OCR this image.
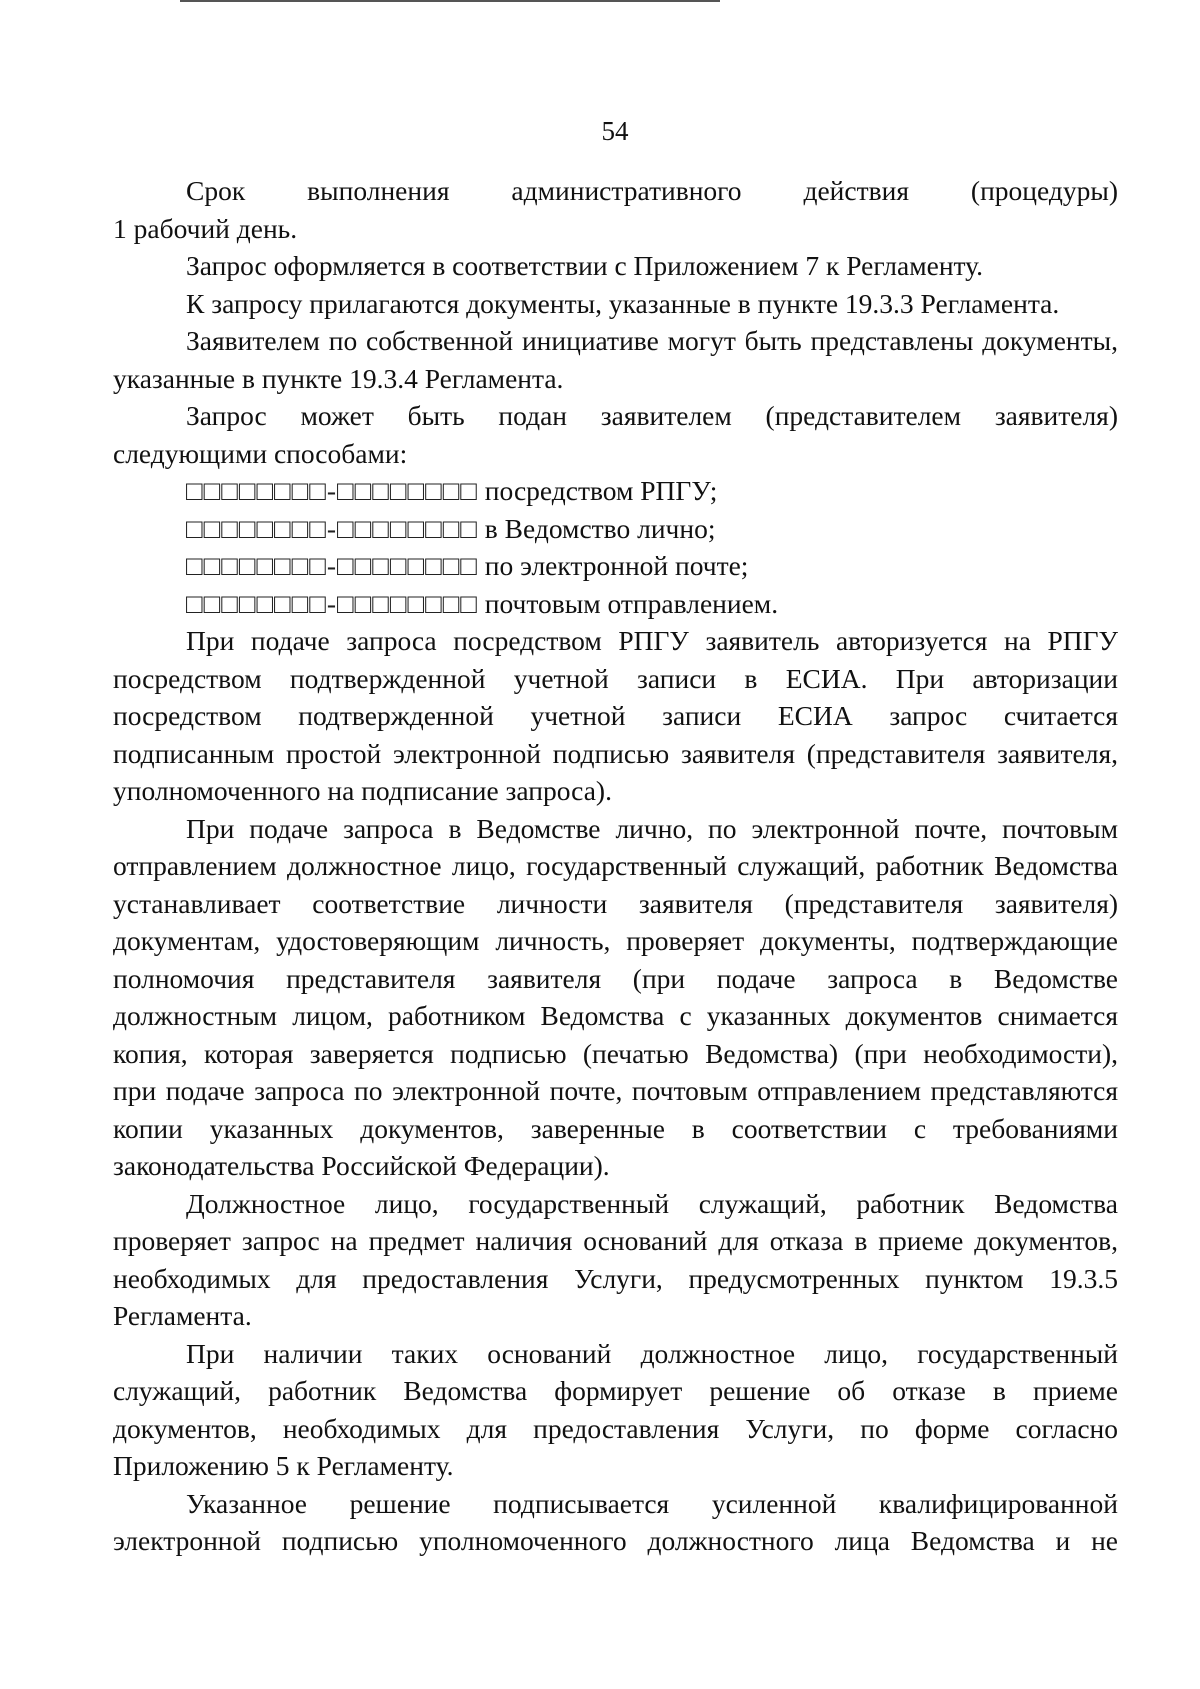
54
Срок выполнения административного действия (процедуры)
1 рабочий день.
Запрос оформляется в соответствии с Приложением 7 к Регламенту.
К запросу прилагаются документы, указанные в пункте 19.3.3 Регламента.
Заявителем по собственной инициативе могут быть представлены документы,
указанные в пункте 19.3.4 Регламента.
Запрос может быть подан заявителем (представителем заявителя)
следующими способами:
□□□□□□□□-□□□□□□□□ посредством РПГУ;
□□□□□□□□-□□□□□□□□ в Ведомство лично;
□□□□□□□□-□□□□□□□□ по электронной почте;
□□□□□□□□-□□□□□□□□ почтовым отправлением.
При подаче запроса посредством РПГУ заявитель авторизуется на РПГУ
посредством подтвержденной учетной записи в ЕСИА. При авторизации
посредством подтвержденной учетной записи ЕСИА запрос считается
подписанным простой электронной подписью заявителя (представителя заявителя,
уполномоченного на подписание запроса).
При подаче запроса в Ведомстве лично, по электронной почте, почтовым
отправлением должностное лицо, государственный служащий, работник Ведомства
устанавливает соответствие личности заявителя (представителя заявителя)
документам, удостоверяющим личность, проверяет документы, подтверждающие
полномочия представителя заявителя (при подаче запроса в Ведомстве
должностным лицом, работником Ведомства с указанных документов снимается
копия, которая заверяется подписью (печатью Ведомства) (при необходимости),
при подаче запроса по электронной почте, почтовым отправлением представляются
копии указанных документов, заверенные в соответствии с требованиями
законодательства Российской Федерации).
Должностное лицо, государственный служащий, работник Ведомства
проверяет запрос на предмет наличия оснований для отказа в приеме документов,
необходимых для предоставления Услуги, предусмотренных пунктом 19.3.5
Регламента.
При наличии таких оснований должностное лицо, государственный
служащий, работник Ведомства формирует решение об отказе в приеме
документов, необходимых для предоставления Услуги, по форме согласно
Приложению 5 к Регламенту.
Указанное решение подписывается усиленной квалифицированной
электронной подписью уполномоченного должностного лица Ведомства и не
